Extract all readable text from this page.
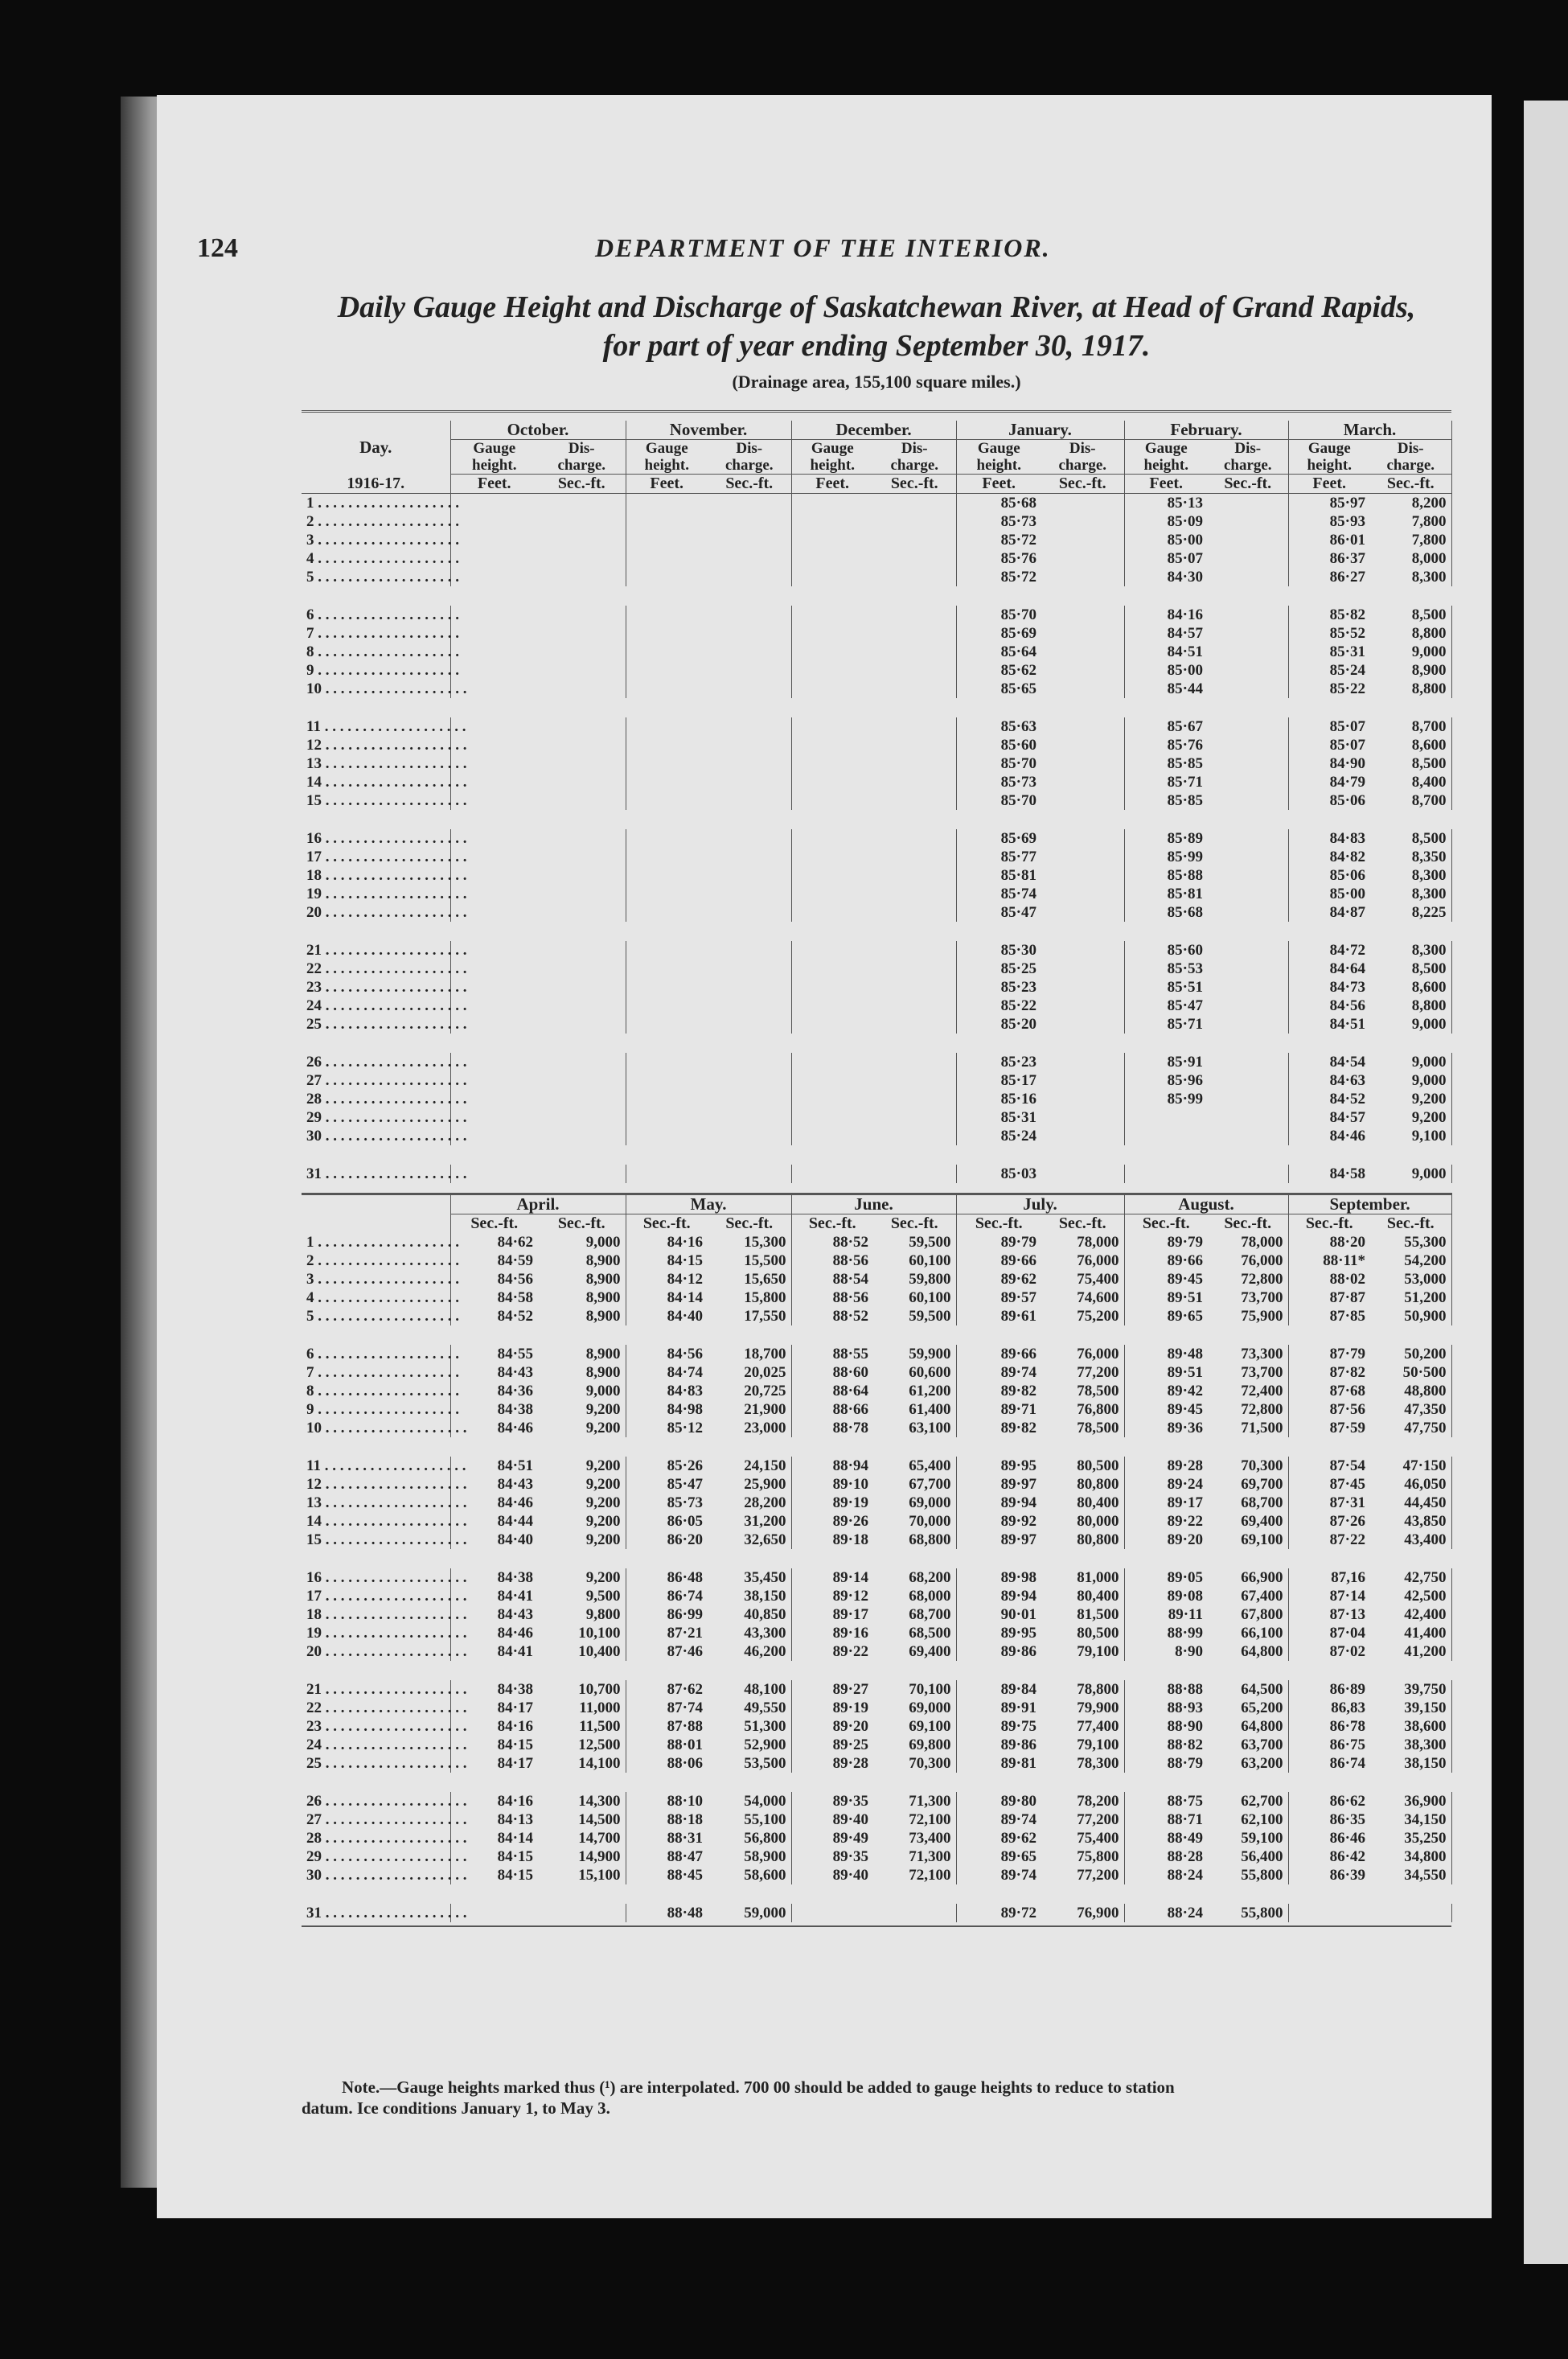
124	DEPARTMENT OF THE INTERIOR.
Daily Gauge Height and Discharge of Saskatchewan River, at Head of Grand Rapids,
for part of year ending September 30, 1917.
(Drainage area, 155,100 square miles.)

Day.	October.		November.		December.		January.		February.		March.	
	Gauge height.	Dis- charge.	Gauge height.	Dis- charge.	Gauge height.	Dis- charge.	Gauge height.	Dis- charge.	Gauge height.	Dis- charge.	Gauge height.	Dis- charge.
1916-17.	Feet.	Sec.-ft.	Feet.	Sec.-ft.	Feet.	Sec.-ft.	Feet.	Sec.-ft.	Feet.	Sec.-ft.	Feet.	Sec.-ft.
1 . . . . . . . . . . . . . . . . . . .							85·68		85·13		85·97	8,200
2 . . . . . . . . . . . . . . . . . . .							85·73		85·09		85·93	7,800
3 . . . . . . . . . . . . . . . . . . .							85·72		85·00		86·01	7,800
4 . . . . . . . . . . . . . . . . . . .							85·76		85·07		86·37	8,000
5 . . . . . . . . . . . . . . . . . . .							85·72		84·30		86·27	8,300

6 . . . . . . . . . . . . . . . . . . .							85·70		84·16		85·82	8,500
7 . . . . . . . . . . . . . . . . . . .							85·69		84·57		85·52	8,800
8 . . . . . . . . . . . . . . . . . . .							85·64		84·51		85·31	9,000
9 . . . . . . . . . . . . . . . . . . .							85·62		85·00		85·24	8,900
10 . . . . . . . . . . . . . . . . . . .							85·65		85·44		85·22	8,800

11 . . . . . . . . . . . . . . . . . . .							85·63		85·67		85·07	8,700
12 . . . . . . . . . . . . . . . . . . .							85·60		85·76		85·07	8,600
13 . . . . . . . . . . . . . . . . . . .							85·70		85·85		84·90	8,500
14 . . . . . . . . . . . . . . . . . . .							85·73		85·71		84·79	8,400
15 . . . . . . . . . . . . . . . . . . .							85·70		85·85		85·06	8,700

16 . . . . . . . . . . . . . . . . . . .							85·69		85·89		84·83	8,500
17 . . . . . . . . . . . . . . . . . . .							85·77		85·99		84·82	8,350
18 . . . . . . . . . . . . . . . . . . .							85·81		85·88		85·06	8,300
19 . . . . . . . . . . . . . . . . . . .							85·74		85·81		85·00	8,300
20 . . . . . . . . . . . . . . . . . . .							85·47		85·68		84·87	8,225

21 . . . . . . . . . . . . . . . . . . .							85·30		85·60		84·72	8,300
22 . . . . . . . . . . . . . . . . . . .							85·25		85·53		84·64	8,500
23 . . . . . . . . . . . . . . . . . . .							85·23		85·51		84·73	8,600
24 . . . . . . . . . . . . . . . . . . .							85·22		85·47		84·56	8,800
25 . . . . . . . . . . . . . . . . . . .							85·20		85·71		84·51	9,000

26 . . . . . . . . . . . . . . . . . . .							85·23		85·91		84·54	9,000
27 . . . . . . . . . . . . . . . . . . .							85·17		85·96		84·63	9,000
28 . . . . . . . . . . . . . . . . . . .							85·16		85·99		84·52	9,200
29 . . . . . . . . . . . . . . . . . . .							85·31				84·57	9,200
30 . . . . . . . . . . . . . . . . . . .							85·24				84·46	9,100

31 . . . . . . . . . . . . . . . . . . .							85·03				84·58	9,000

	April.		May.		June.		July.		August.		September.	
	Sec.-ft.	Sec.-ft.	Sec.-ft.	Sec.-ft.	Sec.-ft.	Sec.-ft.	Sec.-ft.	Sec.-ft.	Sec.-ft.	Sec.-ft.	Sec.-ft.	Sec.-ft.
1 . . . . . . . . . . . . . . . . . . .	84·62	9,000	84·16	15,300	88·52	59,500	89·79	78,000	89·79	78,000	88·20	55,300
2 . . . . . . . . . . . . . . . . . . .	84·59	8,900	84·15	15,500	88·56	60,100	89·66	76,000	89·66	76,000	88·11*	54,200
3 . . . . . . . . . . . . . . . . . . .	84·56	8,900	84·12	15,650	88·54	59,800	89·62	75,400	89·45	72,800	88·02	53,000
4 . . . . . . . . . . . . . . . . . . .	84·58	8,900	84·14	15,800	88·56	60,100	89·57	74,600	89·51	73,700	87·87	51,200
5 . . . . . . . . . . . . . . . . . . .	84·52	8,900	84·40	17,550	88·52	59,500	89·61	75,200	89·65	75,900	87·85	50,900

6 . . . . . . . . . . . . . . . . . . .	84·55	8,900	84·56	18,700	88·55	59,900	89·66	76,000	89·48	73,300	87·79	50,200
7 . . . . . . . . . . . . . . . . . . .	84·43	8,900	84·74	20,025	88·60	60,600	89·74	77,200	89·51	73,700	87·82	50·500
8 . . . . . . . . . . . . . . . . . . .	84·36	9,000	84·83	20,725	88·64	61,200	89·82	78,500	89·42	72,400	87·68	48,800
9 . . . . . . . . . . . . . . . . . . .	84·38	9,200	84·98	21,900	88·66	61,400	89·71	76,800	89·45	72,800	87·56	47,350
10 . . . . . . . . . . . . . . . . . . .	84·46	9,200	85·12	23,000	88·78	63,100	89·82	78,500	89·36	71,500	87·59	47,750

11 . . . . . . . . . . . . . . . . . . .	84·51	9,200	85·26	24,150	88·94	65,400	89·95	80,500	89·28	70,300	87·54	47·150
12 . . . . . . . . . . . . . . . . . . .	84·43	9,200	85·47	25,900	89·10	67,700	89·97	80,800	89·24	69,700	87·45	46,050
13 . . . . . . . . . . . . . . . . . . .	84·46	9,200	85·73	28,200	89·19	69,000	89·94	80,400	89·17	68,700	87·31	44,450
14 . . . . . . . . . . . . . . . . . . .	84·44	9,200	86·05	31,200	89·26	70,000	89·92	80,000	89·22	69,400	87·26	43,850
15 . . . . . . . . . . . . . . . . . . .	84·40	9,200	86·20	32,650	89·18	68,800	89·97	80,800	89·20	69,100	87·22	43,400

16 . . . . . . . . . . . . . . . . . . .	84·38	9,200	86·48	35,450	89·14	68,200	89·98	81,000	89·05	66,900	87,16	42,750
17 . . . . . . . . . . . . . . . . . . .	84·41	9,500	86·74	38,150	89·12	68,000	89·94	80,400	89·08	67,400	87·14	42,500
18 . . . . . . . . . . . . . . . . . . .	84·43	9,800	86·99	40,850	89·17	68,700	90·01	81,500	89·11	67,800	87·13	42,400
19 . . . . . . . . . . . . . . . . . . .	84·46	10,100	87·21	43,300	89·16	68,500	89·95	80,500	88·99	66,100	87·04	41,400
20 . . . . . . . . . . . . . . . . . . .	84·41	10,400	87·46	46,200	89·22	69,400	89·86	79,100	8·90	64,800	87·02	41,200

21 . . . . . . . . . . . . . . . . . . .	84·38	10,700	87·62	48,100	89·27	70,100	89·84	78,800	88·88	64,500	86·89	39,750
22 . . . . . . . . . . . . . . . . . . .	84·17	11,000	87·74	49,550	89·19	69,000	89·91	79,900	88·93	65,200	86,83	39,150
23 . . . . . . . . . . . . . . . . . . .	84·16	11,500	87·88	51,300	89·20	69,100	89·75	77,400	88·90	64,800	86·78	38,600
24 . . . . . . . . . . . . . . . . . . .	84·15	12,500	88·01	52,900	89·25	69,800	89·86	79,100	88·82	63,700	86·75	38,300
25 . . . . . . . . . . . . . . . . . . .	84·17	14,100	88·06	53,500	89·28	70,300	89·81	78,300	88·79	63,200	86·74	38,150

26 . . . . . . . . . . . . . . . . . . .	84·16	14,300	88·10	54,000	89·35	71,300	89·80	78,200	88·75	62,700	86·62	36,900
27 . . . . . . . . . . . . . . . . . . .	84·13	14,500	88·18	55,100	89·40	72,100	89·74	77,200	88·71	62,100	86·35	34,150
28 . . . . . . . . . . . . . . . . . . .	84·14	14,700	88·31	56,800	89·49	73,400	89·62	75,400	88·49	59,100	86·46	35,250
29 . . . . . . . . . . . . . . . . . . .	84·15	14,900	88·47	58,900	89·35	71,300	89·65	75,800	88·28	56,400	86·42	34,800
30 . . . . . . . . . . . . . . . . . . .	84·15	15,100	88·45	58,600	89·40	72,100	89·74	77,200	88·24	55,800	86·39	34,550

31 . . . . . . . . . . . . . . . . . . .			88·48	59,000			89·72	76,900	88·24	55,800		

Note.—Gauge heights marked thus (¹) are interpolated. 700 00 should be added to gauge heights to reduce to station
datum. Ice conditions January 1, to May 3.
